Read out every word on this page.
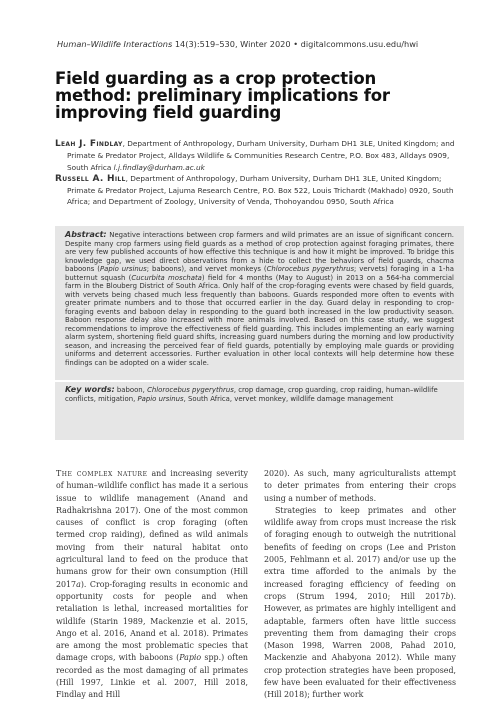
Human–Wildlife Interactions 14(3):519–530, Winter 2020 • digitalcommons.usu.edu/hwi
Field guarding as a crop protection method: preliminary implications for improving field guarding

Leah J. Findlay, Department of Anthropology, Durham University, Durham DH1 3LE, United Kingdom; and Primate & Predator Project, Alldays Wildlife & Communities Research Centre, P.O. Box 483, Alldays 0909, South Africa l.j.findlay@durham.ac.uk

Russell A. Hill, Department of Anthropology, Durham University, Durham DH1 3LE, United Kingdom; Primate & Predator Project, Lajuma Research Centre, P.O. Box 522, Louis Trichardt (Makhado) 0920, South Africa; and Department of Zoology, University of Venda, Thohoyandou 0950, South Africa

Abstract: Negative interactions between crop farmers and wild primates are an issue of significant concern. Despite many crop farmers using field guards as a method of crop protection against foraging primates, there are very few published accounts of how effective this technique is and how it might be improved. To bridge this knowledge gap, we used direct observations from a hide to collect the behaviors of field guards, chacma baboons (Papio ursinus; baboons), and vervet monkeys (Chlorocebus pygerythrus; vervets) foraging in a 1-ha butternut squash (Cucurbita moschata) field for 4 months (May to August) in 2013 on a 564-ha commercial farm in the Blouberg District of South Africa. Only half of the crop-foraging events were chased by field guards, with vervets being chased much less frequently than baboons. Guards responded more often to events with greater primate numbers and to those that occurred earlier in the day. Guard delay in responding to crop-foraging events and baboon delay in responding to the guard both increased in the low productivity season. Baboon response delay also increased with more animals involved. Based on this case study, we suggest recommendations to improve the effectiveness of field guarding. This includes implementing an early warning alarm system, shortening field guard shifts, increasing guard numbers during the morning and low productivity season, and increasing the perceived fear of field guards, potentially by employing male guards or providing uniforms and deterrent accessories. Further evaluation in other local contexts will help determine how these findings can be adopted on a wider scale.

Key words: baboon, Chlorocebus pygerythrus, crop damage, crop guarding, crop raiding, human–wildlife conflicts, mitigation, Papio ursinus, South Africa, vervet monkey, wildlife damage management

The complex nature and increasing severity of human–wildlife conflict has made it a serious issue to wildlife management (Anand and Radhakrishna 2017). One of the most common causes of conflict is crop foraging (often termed crop raiding), defined as wild animals moving from their natural habitat onto agricultural land to feed on the produce that humans grow for their own consumption (Hill 2017a). Crop-foraging results in economic and opportunity costs for people and when retaliation is lethal, increased mortalities for wildlife (Starin 1989, Mackenzie et al. 2015, Ango et al. 2016, Anand et al. 2018). Primates are among the most problematic species that damage crops, with baboons (Papio spp.) often recorded as the most damaging of all primates (Hill 1997, Linkie et al. 2007, Hill 2018, Findlay and Hill

2020). As such, many agriculturalists attempt to deter primates from entering their crops using a number of methods.

Strategies to keep primates and other wildlife away from crops must increase the risk of foraging enough to outweigh the nutritional benefits of feeding on crops (Lee and Priston 2005, Fehlmann et al. 2017) and/or use up the extra time afforded to the animals by the increased foraging efficiency of feeding on crops (Strum 1994, 2010; Hill 2017b). However, as primates are highly intelligent and adaptable, farmers often have little success preventing them from damaging their crops (Mason 1998, Warren 2008, Pahad 2010, Mackenzie and Ahabyona 2012). While many crop protection strategies have been proposed, few have been evaluated for their effectiveness (Hill 2018); further work
